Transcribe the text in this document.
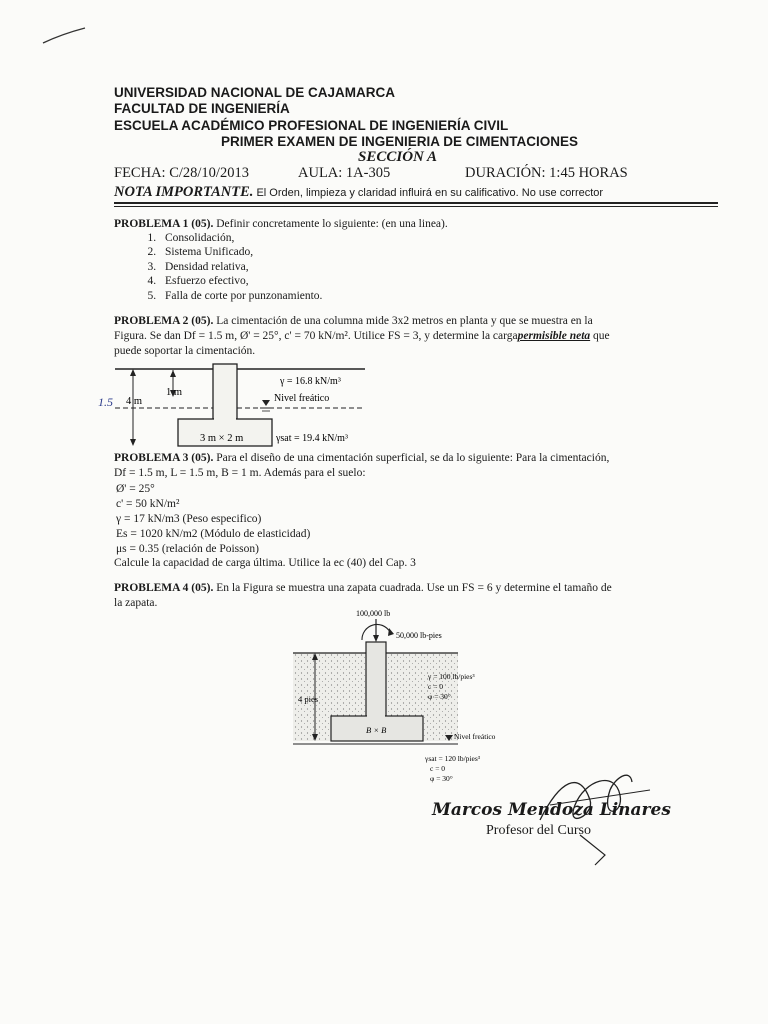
UNIVERSIDAD NACIONAL DE CAJAMARCA
FACULTAD DE INGENIERÍA
ESCUELA ACADÉMICO PROFESIONAL DE INGENIERÍA CIVIL
PRIMER EXAMEN DE INGENIERIA DE CIMENTACIONES
SECCIÓN A
FECHA: C/28/10/2013	AULA: 1A-305	DURACIÓN: 1:45 HORAS
NOTA IMPORTANTE. El Orden, limpieza y claridad influirá en su calificativo. No use corrector
PROBLEMA 1 (05). Definir concretamente lo siguiente: (en una linea).
1. Consolidación,
2. Sistema Unificado,
3. Densidad relativa,
4. Esfuerzo efectivo,
5. Falla de corte por punzonamiento.
PROBLEMA 2 (05). La cimentación de una columna mide 3x2 metros en planta y que se muestra en la
Figura. Se dan Df = 1.5 m, Ø' = 25°, c' = 70 kN/m². Utilice FS = 3, y determine la cargapermisible neta que
puede soportar la cimentación.
1 m
4 m
1.5	Nivel freático
γ = 16.8 kN/m³
3 m × 2 m	γsat = 19.4 kN/m³
PROBLEMA 3 (05). Para el diseño de una cimentación superficial, se da lo siguiente: Para la cimentación,
Df = 1.5 m, L = 1.5 m, B = 1 m. Además para el suelo:
Ø' = 25°
c' = 50 kN/m²
γ = 17 kN/m3 (Peso especifico)
Es = 1020 kN/m2 (Módulo de elasticidad)
μs = 0.35 (relación de Poisson)
Calcule la capacidad de carga última. Utilice la ec (40) del Cap. 3
PROBLEMA 4 (05). En la Figura se muestra una zapata cuadrada. Use un FS = 6 y determine el tamaño de
la zapata.
100,000 lb
50,000 lb-pies
4 pies
B × B
γ = 100 lb/pies³
c = 0
φ = 30°
Nivel freático
γsat = 120 lb/pies³
c = 0
φ = 30°
Marcos Mendoza Linares
Profesor del Curso
